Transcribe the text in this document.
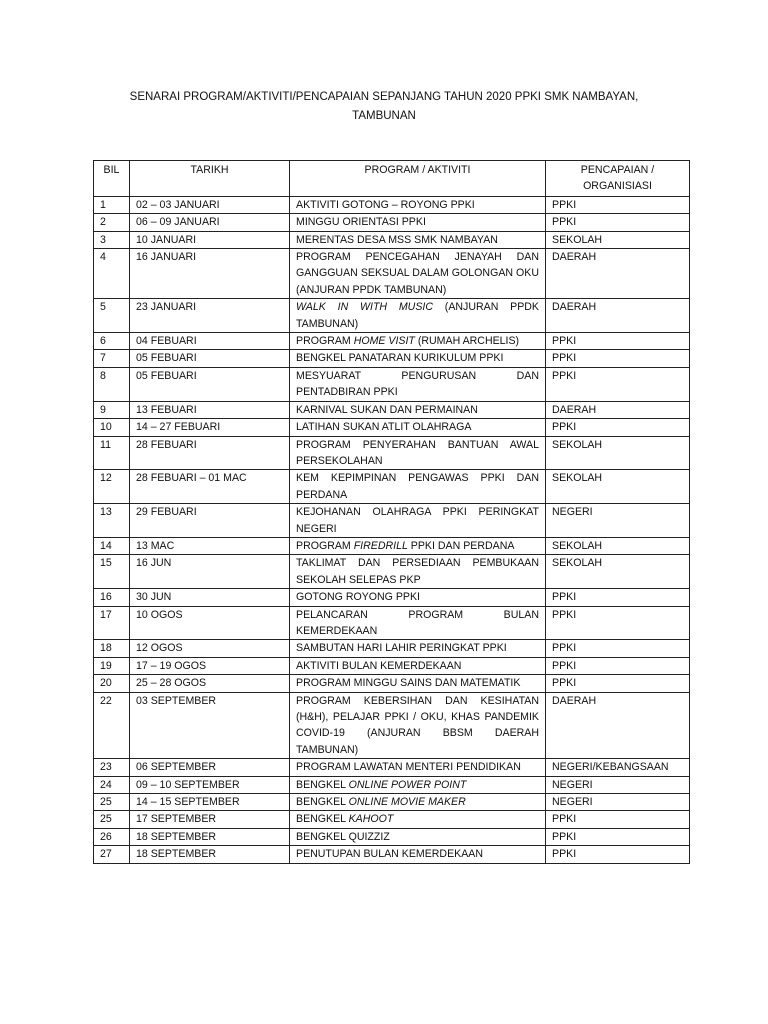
SENARAI PROGRAM/AKTIVITI/PENCAPAIAN SEPANJANG TAHUN 2020 PPKI SMK NAMBAYAN,
TAMBUNAN
BIL	TARIKH	PROGRAM / AKTIVITI	PENCAPAIAN /
ORGANISIASI

1	02 – 03 JANUARI	AKTIVITI GOTONG – ROYONG PPKI	PPKI
2	06 – 09 JANUARI	MINGGU ORIENTASI PPKI	PPKI
3	10 JANUARI	MERENTAS DESA MSS SMK NAMBAYAN	SEKOLAH
4	16 JANUARI	PROGRAM PENCEGAHAN JENAYAH DAN GANGGUAN SEKSUAL DALAM GOLONGAN OKU (ANJURAN PPDK TAMBUNAN)	DAERAH
5	23 JANUARI	WALK IN WITH MUSIC (ANJURAN PPDK TAMBUNAN)	DAERAH
6	04 FEBUARI	PROGRAM HOME VISIT (RUMAH ARCHELIS)	PPKI
7	05 FEBUARI	BENGKEL PANATARAN KURIKULUM PPKI	PPKI
8	05 FEBUARI	MESYUARAT PENGURUSAN DAN PENTADBIRAN PPKI	PPKI
9	13 FEBUARI	KARNIVAL SUKAN DAN PERMAINAN	DAERAH
10	14 – 27 FEBUARI	LATIHAN SUKAN ATLIT OLAHRAGA	PPKI
11	28 FEBUARI	PROGRAM PENYERAHAN BANTUAN AWAL PERSEKOLAHAN	SEKOLAH
12	28 FEBUARI – 01 MAC	KEM KEPIMPINAN PENGAWAS PPKI DAN PERDANA	SEKOLAH
13	29 FEBUARI	KEJOHANAN OLAHRAGA PPKI PERINGKAT NEGERI	NEGERI
14	13 MAC	PROGRAM FIREDRILL PPKI DAN PERDANA	SEKOLAH
15	16 JUN	TAKLIMAT DAN PERSEDIAAN PEMBUKAAN SEKOLAH SELEPAS PKP	SEKOLAH
16	30 JUN	GOTONG ROYONG PPKI	PPKI
17	10 OGOS	PELANCARAN PROGRAM BULAN KEMERDEKAAN	PPKI
18	12 OGOS	SAMBUTAN HARI LAHIR PERINGKAT PPKI	PPKI
19	17 – 19 OGOS	AKTIVITI BULAN KEMERDEKAAN	PPKI
20	25 – 28 OGOS	PROGRAM MINGGU SAINS DAN MATEMATIK	PPKI
22	03 SEPTEMBER	PROGRAM KEBERSIHAN DAN KESIHATAN (H&H), PELAJAR PPKI / OKU, KHAS PANDEMIK COVID-19 (ANJURAN BBSM DAERAH TAMBUNAN)	DAERAH
23	06 SEPTEMBER	PROGRAM LAWATAN MENTERI PENDIDIKAN	NEGERI/KEBANGSAAN
24	09 – 10 SEPTEMBER	BENGKEL ONLINE POWER POINT	NEGERI
25	14 – 15 SEPTEMBER	BENGKEL ONLINE MOVIE MAKER	NEGERI
25	17 SEPTEMBER	BENGKEL KAHOOT	PPKI
26	18 SEPTEMBER	BENGKEL QUIZZIZ	PPKI
27	18 SEPTEMBER	PENUTUPAN BULAN KEMERDEKAAN	PPKI
